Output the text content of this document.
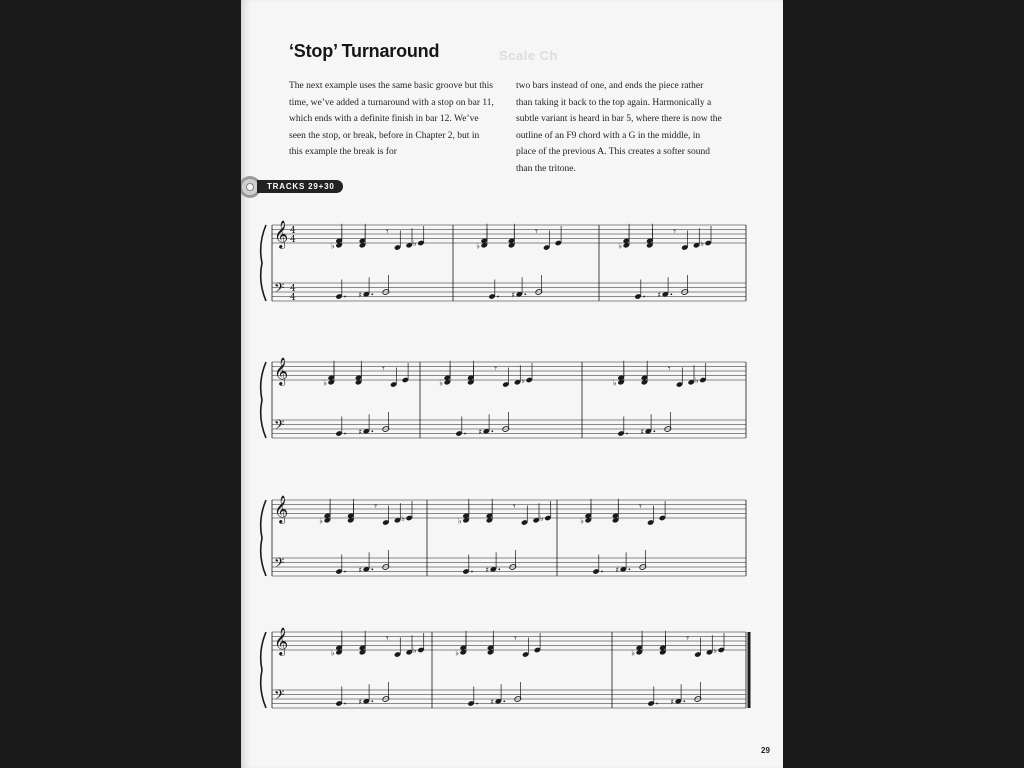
Scale Ch
‘Stop’ Turnaround

The next example uses the same basic groove but this time, we’ve added a turnaround with a stop on bar 11, which ends with a definite finish in bar 12. We’ve seen the stop, or break, before in Chapter 2, but in this example the break is for

two bars instead of one, and ends the piece rather than taking it back to the top again. Harmonically a subtle variant is heard in bar 5, where there is now the outline of an F9 chord with a G in the middle, in place of the previous A. This creates a softer sound than the tritone.

TRACKS 29+30
𝄞 4
4
𝄢 4
4
♭
𝄾
♭
♯
♭
𝄾
♯
♭
𝄾
♭
♯
𝄞
𝄢
♭
𝄾
♯
♭
𝄾
♭
♯
♭
𝄾
♭
♯
𝄞
𝄢
♭
𝄾
♭
♯
♭
𝄾
♭
♯
♭
𝄾
♯
𝄞
𝄢
♭
𝄾
♭
♯
♭
𝄾
♯
♭
𝄾
♭
♯
29
